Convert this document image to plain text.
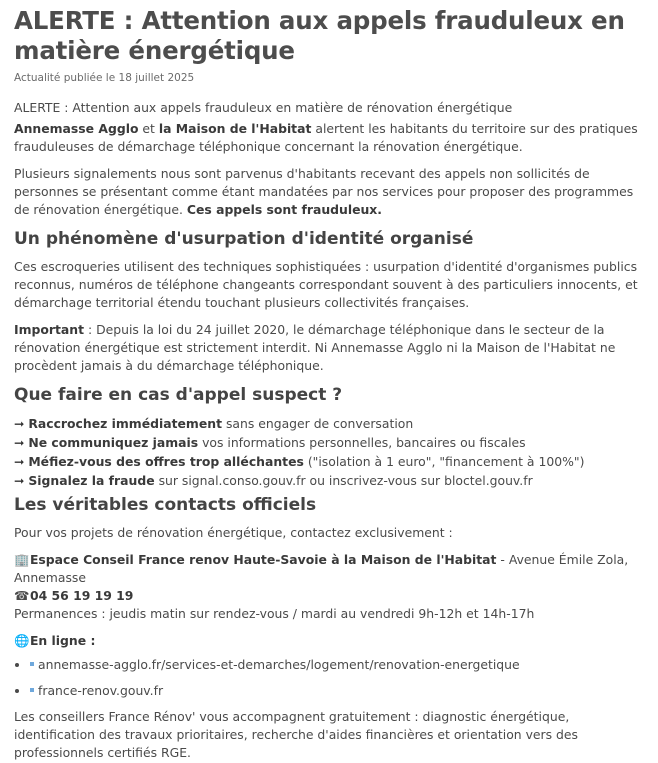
ALERTE : Attention aux appels frauduleux en matière énergétique
Actualité publiée le 18 juillet 2025

ALERTE : Attention aux appels frauduleux en matière de rénovation énergétique

Annemasse Agglo et la Maison de l'Habitat alertent les habitants du territoire sur des pratiques frauduleuses de démarchage téléphonique concernant la rénovation énergétique.

Plusieurs signalements nous sont parvenus d'habitants recevant des appels non sollicités de personnes se présentant comme étant mandatées par nos services pour proposer des programmes de rénovation énergétique. Ces appels sont frauduleux.

Un phénomène d'usurpation d'identité organisé

Ces escroqueries utilisent des techniques sophistiquées : usurpation d'identité d'organismes publics reconnus, numéros de téléphone changeants correspondant souvent à des particuliers innocents, et démarchage territorial étendu touchant plusieurs collectivités françaises.

Important : Depuis la loi du 24 juillet 2020, le démarchage téléphonique dans le secteur de la rénovation énergétique est strictement interdit. Ni Annemasse Agglo ni la Maison de l'Habitat ne procèdent jamais à du démarchage téléphonique.

Que faire en cas d'appel suspect ?
➞ Raccrochez immédiatement sans engager de conversation
➞ Ne communiquez jamais vos informations personnelles, bancaires ou fiscales
➞ Méfiez-vous des offres trop alléchantes ("isolation à 1 euro", "financement à 100%")
➞ Signalez la fraude sur signal.conso.gouv.fr ou inscrivez-vous sur bloctel.gouv.fr
Les véritables contacts officiels

Pour vos projets de rénovation énergétique, contactez exclusivement :

🏢 Espace Conseil France renov Haute-Savoie à la Maison de l'Habitat - Avenue Émile Zola, Annemasse

☎ 04 56 19 19 19

Permanences : jeudis matin sur rendez-vous / mardi au vendredi 9h-12h et 14h-17h

🌐 En ligne :

• annemasse-agglo.fr/services-et-demarches/logement/renovation-energetique
• france-renov.gouv.fr

Les conseillers France Rénov' vous accompagnent gratuitement : diagnostic énergétique, identification des travaux prioritaires, recherche d'aides financières et orientation vers des professionnels certifiés RGE.
